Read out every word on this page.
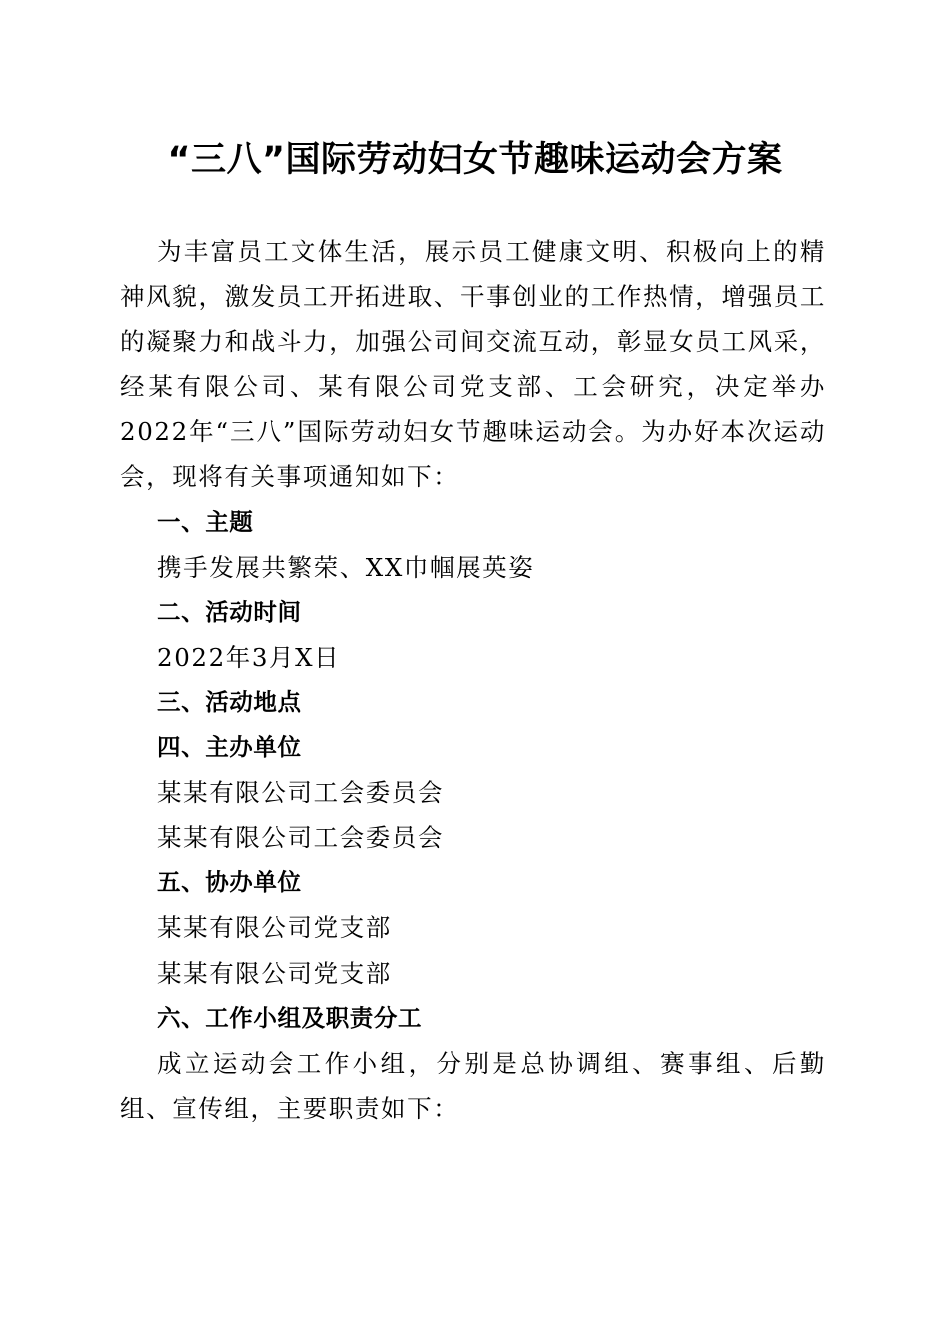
“三八”国际劳动妇女节趣味运动会方案

为丰富员工文体生活，展示员工健康文明、积极向上的精神风貌，激发员工开拓进取、干事创业的工作热情，增强员工的凝聚力和战斗力，加强公司间交流互动，彰显女员工风采，经某有限公司、某有限公司党支部、工会研究，决定举办2022年“三八”国际劳动妇女节趣味运动会。为办好本次运动会，现将有关事项通知如下：

一、主题

携手发展共繁荣、XX巾帼展英姿

二、活动时间

2022年3月X日

三、活动地点

四、主办单位

某某有限公司工会委员会

某某有限公司工会委员会

五、协办单位

某某有限公司党支部

某某有限公司党支部

六、工作小组及职责分工

成立运动会工作小组，分别是总协调组、赛事组、后勤组、宣传组，主要职责如下：
